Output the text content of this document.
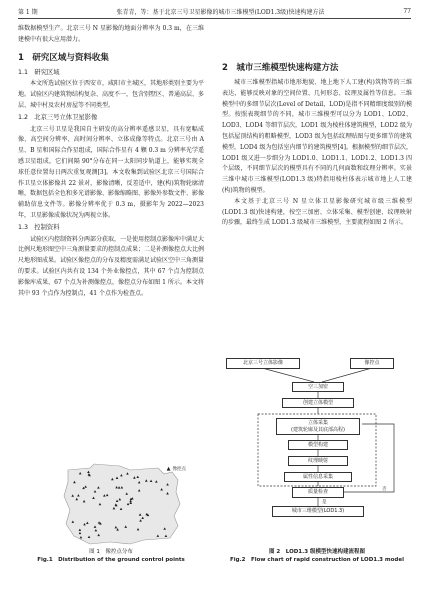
第 1 期	张青青，等：基于北京三号卫星影像的城市三维模型(LOD1.3级)快速构建方法	77

维数据模型生产。北京三号 N 星影像的地面分辨率为 0.3 m，在三维建模中有很大应用潜力。

1　研究区域与资料收集
1.1　研究区域

本文所选试验区位于西安市，咸阳市主城区，其地形类别主要为平地。试验区内建筑物结构复杂、高度不一，包含别墅区、普通高层、多层、城中村及农村房屋等不同类型。

1.2　北京三号立体卫星影像

北京三号卫星是我国自主研发的高分辨率遥感卫星，具有宽幅成像、高空间分辨率、高时间分辨率、立体成像等特点。北京三号由 A 星、B 星和国际合作星组成，国际合作星有 4 颗 0.3 m 分辨率光学遥感卫星组成，它们间隔 90°分布在同一太阳同步轨道上，能够实现全球任意位置每日两次重复观测[3]。本文收集到试验区北京三号国际合作卫星立体影像共 22 景对，影像清晰，反差适中，建(构)筑物轮廓清晰，数据包括全色和多光谱影像、影像缩略图、影像外参数文件、影像辅助信息文件等。影像分辨率优于 0.3 m，摄影年为 2022—2023 年，卫星影像成像状况为两视立体。

1.3　控制资料

试验区内控制资料分两部分获取，一是使用控制点影像库中满足大比例尺地形图空中三角测量要求的控制点成果；二是补测像控点大比例尺地形图成果。试验区像控点的分布及精度需满足试验区空中三角测量的要求。试验区内共有设 134 个外业像控点，其中 67 个点为控制点影像库成果，67 个点为补测像控点，像控点分布如图 1 所示。本文将其中 93 个点作为控制点，41 个点作为检查点。

▲ 像控点
图 1　像控点分布
Fig.1　Distribution of the ground control points
2　城市三维模型快速构建方法

城市三维模型指城市地形地貌、地上地下人工建(构)筑物等的三维表达，能够反映对象的空间位置、几何形态、纹理及属性等信息。三维模型中的多细节层次(Level of Detail，LOD)是指不同精细度级别的模型。按照表现细节的不同，城市三维模型可以分为 LOD1、LOD2、LOD3、LOD4 等细节层次，LOD1 级为棱柱体建筑模型，LOD2 级为包括屋顶结构的粗略模型，LOD3 级为包括纹理贴图与更多细节的建筑模型，LOD4 级为包括室内细节的建筑模型[4]。根据模型的细节层次，LOD1 级又进一步细分为 LOD1.0、LOD1.1、LOD1.2、LOD1.3 四个层级，不同细节层次的模型具有不同的几何面数和纹理分辨率。实景三维中城市三维模型(LOD1.3 级)特指用棱柱体表示城市地上人工建(构)筑物的模型。

本文基于北京三号 N 星立体卫星影像研究城市级三维模型(LOD1.3 级)快速构建，按空三加密、立体采集、模型创建、纹理映射的步骤，最终生成 LOD1.3 级城市三维模型，主要流程如图 2 所示。

北京三号立体影像	像控点
空三加密
创建立体模型
立体采集
(建筑轮廓及其底部高程)
模型构建
纹理映射
属性信息采集
质量检查
是
否
城市三维模型(LOD1.3)
图 2　LOD1.3 级模型快速构建流程图
Fig.2　Flow chart of rapid construction of LOD1.3 model
